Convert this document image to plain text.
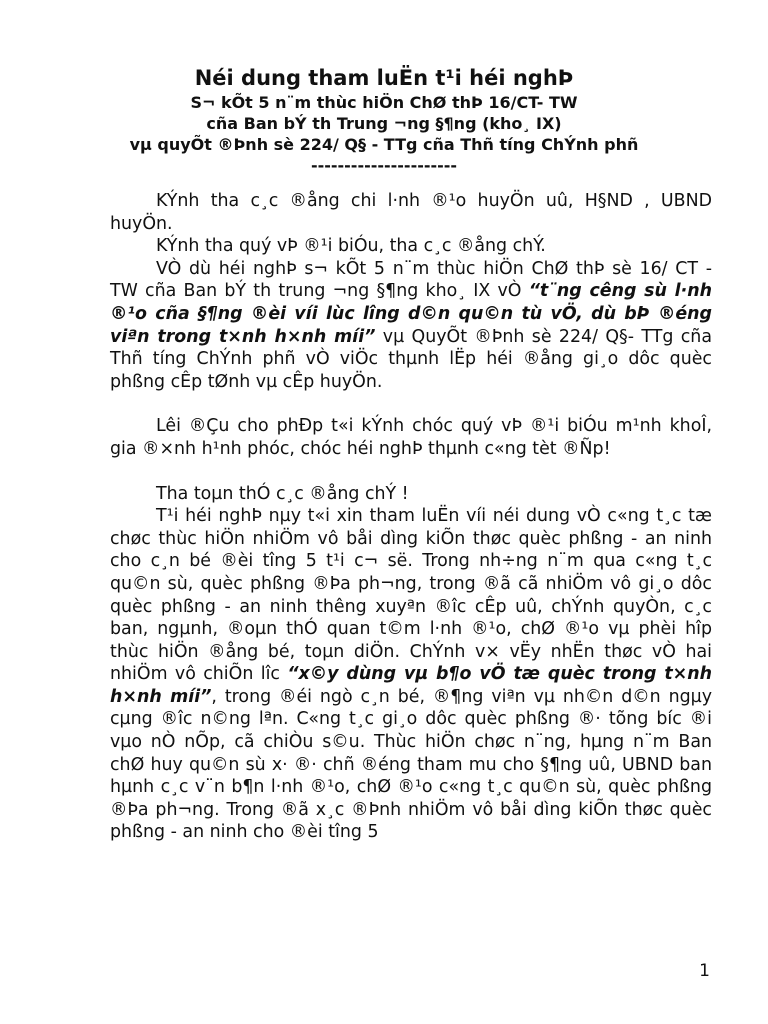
Néi dung tham luËn t¹i héi nghÞ
S¬ kÕt 5 n¨m thùc hiÖn ChØ thÞ 16/CT- TW
cña Ban bÝ th Trung ¬ng §¶ng (kho¸ IX)
vµ quyÕt ®Þnh sè 224/ Q§ - TTg cña Thñ tíng ChÝnh phñ
----------------------

KÝnh tha c¸c ®ång chi l·nh ®¹o huyÖn uû, H§ND , UBND huyÖn.

KÝnh tha quý vÞ ®¹i biÓu, tha c¸c ®ång chÝ.

VÒ dù héi nghÞ s¬ kÕt 5 n¨m thùc hiÖn ChØ thÞ sè 16/ CT - TW cña Ban bÝ th trung ¬ng §¶ng kho¸ IX vÒ “t¨ng cêng sù l·nh ®¹o cña §¶ng ®èi víi lùc lîng d©n qu©n tù vÖ, dù bÞ ®éng viªn trong t×nh h×nh míi” vµ QuyÕt ®Þnh sè 224/ Q§- TTg cña Thñ tíng ChÝnh phñ vÒ viÖc thµnh lËp héi ®ång gi¸o dôc quèc phßng cÊp tØnh vµ cÊp huyÖn.

Lêi ®Çu cho phÐp t«i kÝnh chóc quý vÞ ®¹i biÓu m¹nh khoÎ, gia ®×nh h¹nh phóc, chóc héi nghÞ thµnh c«ng tèt ®Ñp!

Tha toµn thÓ c¸c ®ång chÝ !

T¹i héi nghÞ nµy t«i xin tham luËn víi néi dung vÒ c«ng t¸c tæ chøc thùc hiÖn nhiÖm vô båi dìng kiÕn thøc quèc phßng - an ninh cho c¸n bé ®èi tîng 5 t¹i c¬ së. Trong nh÷ng n¨m qua c«ng t¸c qu©n sù, quèc phßng ®Þa ph¬ng, trong ®ã cã nhiÖm vô gi¸o dôc quèc phßng - an ninh thêng xuyªn ®îc cÊp uû, chÝnh quyÒn, c¸c ban, ngµnh, ®oµn thÓ quan t©m l·nh ®¹o, chØ ®¹o vµ phèi hîp thùc hiÖn ®ång bé, toµn diÖn. ChÝnh v× vËy nhËn thøc vÒ hai nhiÖm vô chiÕn lîc “x©y dùng vµ b¶o vÖ tæ quèc trong t×nh h×nh míi”, trong ®éi ngò c¸n bé, ®¶ng viªn vµ nh©n d©n ngµy cµng ®îc n©ng lªn. C«ng t¸c gi¸o dôc quèc phßng ®· tõng bíc ®i vµo nÒ nÕp, cã chiÒu s©u. Thùc hiÖn chøc n¨ng, hµng n¨m Ban chØ huy qu©n sù x· ®· chñ ®éng tham mu cho §¶ng uû, UBND ban hµnh c¸c v¨n b¶n l·nh ®¹o, chØ ®¹o c«ng t¸c qu©n sù, quèc phßng ®Þa ph¬ng. Trong ®ã x¸c ®Þnh nhiÖm vô båi dìng kiÕn thøc quèc phßng - an ninh cho ®èi tîng 5

1
